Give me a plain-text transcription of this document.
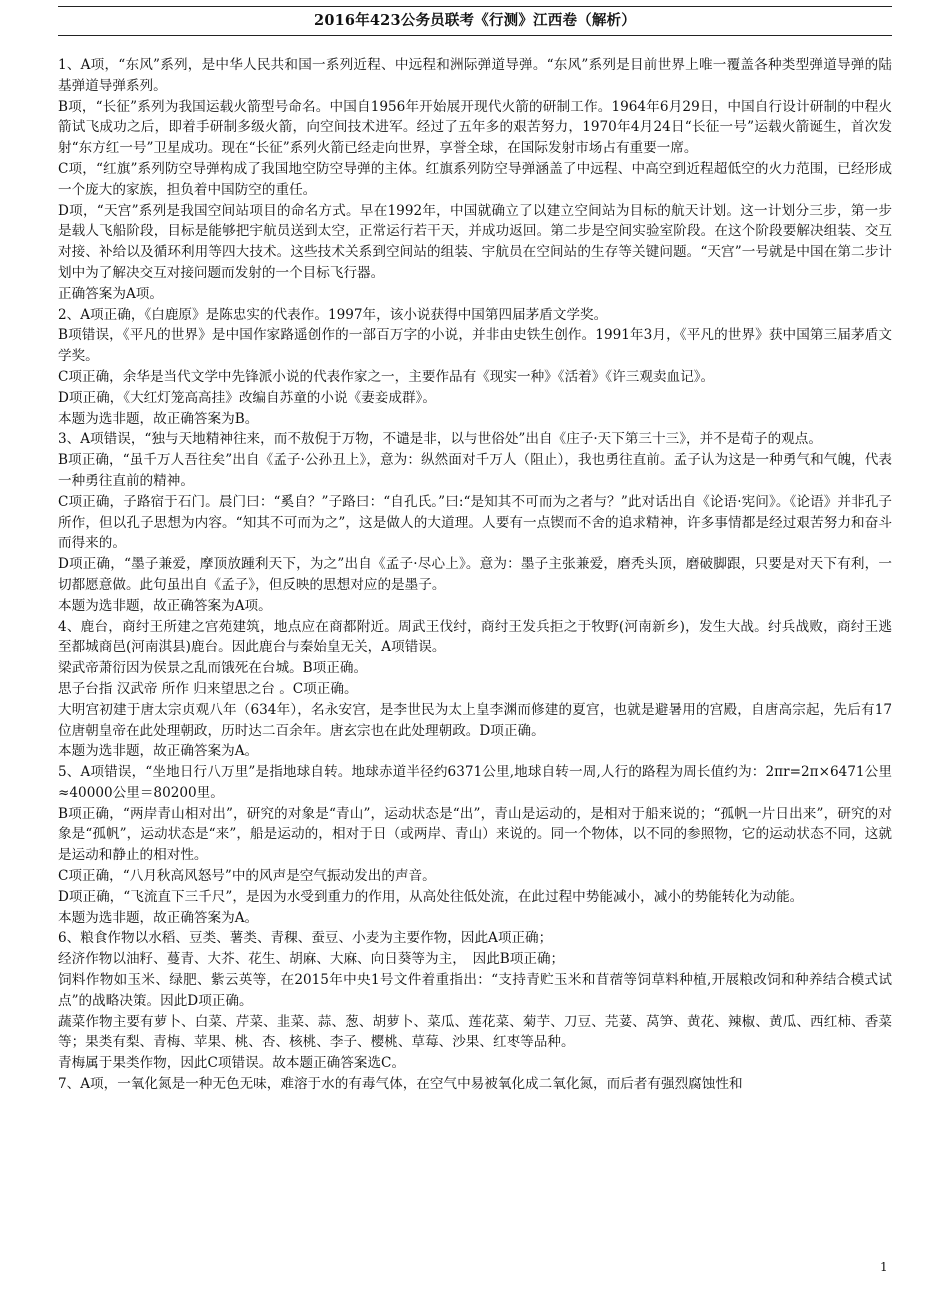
2016年423公务员联考《行测》江西卷（解析）

1、A项，“东风”系列，是中华人民共和国一系列近程、中远程和洲际弹道导弹。“东风”系列是目前世界上唯一覆盖各种类型弹道导弹的陆基弹道导弹系列。

B项，“长征”系列为我国运载火箭型号命名。中国自1956年开始展开现代火箭的研制工作。1964年6月29日，中国自行设计研制的中程火箭试飞成功之后，即着手研制多级火箭，向空间技术进军。经过了五年多的艰苦努力，1970年4月24日“长征一号”运载火箭诞生，首次发射“东方红一号”卫星成功。现在“长征”系列火箭已经走向世界，享誉全球，在国际发射市场占有重要一席。

C项，“红旗”系列防空导弹构成了我国地空防空导弹的主体。红旗系列防空导弹涵盖了中远程、中高空到近程超低空的火力范围，已经形成一个庞大的家族，担负着中国防空的重任。

D项，“天宫”系列是我国空间站项目的命名方式。早在1992年，中国就确立了以建立空间站为目标的航天计划。这一计划分三步，第一步是载人飞船阶段，目标是能够把宇航员送到太空，正常运行若干天，并成功返回。第二步是空间实验室阶段。在这个阶段要解决组装、交互对接、补给以及循环利用等四大技术。这些技术关系到空间站的组装、宇航员在空间站的生存等关键问题。“天宫”一号就是中国在第二步计划中为了解决交互对接问题而发射的一个目标飞行器。

正确答案为A项。

2、A项正确，《白鹿原》是陈忠实的代表作。1997年，该小说获得中国第四届茅盾文学奖。

B项错误，《平凡的世界》是中国作家路遥创作的一部百万字的小说，并非由史铁生创作。1991年3月，《平凡的世界》获中国第三届茅盾文学奖。

C项正确，余华是当代文学中先锋派小说的代表作家之一，主要作品有《现实一种》《活着》《许三观卖血记》。

D项正确，《大红灯笼高高挂》改编自苏童的小说《妻妾成群》。

本题为选非题，故正确答案为B。

3、A项错误，“独与天地精神往来，而不敖倪于万物，不谴是非，以与世俗处”出自《庄子·天下第三十三》，并不是荀子的观点。

B项正确，“虽千万人吾往矣”出自《孟子·公孙丑上》，意为：纵然面对千万人（阻止），我也勇往直前。孟子认为这是一种勇气和气魄，代表一种勇往直前的精神。

C项正确，子路宿于石门。晨门曰：“奚自？”子路曰：“自孔氏。”曰:“是知其不可而为之者与？”此对话出自《论语·宪问》。《论语》并非孔子所作，但以孔子思想为内容。“知其不可而为之”，这是做人的大道理。人要有一点锲而不舍的追求精神，许多事情都是经过艰苦努力和奋斗而得来的。

D项正确，“墨子兼爱，摩顶放踵利天下，为之”出自《孟子·尽心上》。意为：墨子主张兼爱，磨秃头顶，磨破脚跟，只要是对天下有利，一切都愿意做。此句虽出自《孟子》，但反映的思想对应的是墨子。

本题为选非题，故正确答案为A项。

4、鹿台，商纣王所建之宫苑建筑，地点应在商都附近。周武王伐纣，商纣王发兵拒之于牧野(河南新乡)，发生大战。纣兵战败，商纣王逃至都城商邑(河南淇县)鹿台。因此鹿台与秦始皇无关，A项错误。

梁武帝萧衍因为侯景之乱而饿死在台城。B项正确。

思子台指 汉武帝 所作 归来望思之台 。C项正确。

大明宫初建于唐太宗贞观八年（634年），名永安宫，是李世民为太上皇李渊而修建的夏宫，也就是避暑用的宫殿，自唐高宗起，先后有17位唐朝皇帝在此处理朝政，历时达二百余年。唐玄宗也在此处理朝政。D项正确。

本题为选非题，故正确答案为A。

5、A项错误，“坐地日行八万里”是指地球自转。地球赤道半径约6371公里,地球自转一周,人行的路程为周长值约为：2πr=2π×6471公里≈40000公里＝80200里。

B项正确，“两岸青山相对出”，研究的对象是“青山”，运动状态是“出”，青山是运动的，是相对于船来说的；“孤帆一片日出来”，研究的对象是“孤帆”，运动状态是“来”，船是运动的，相对于日（或两岸、青山）来说的。同一个物体，以不同的参照物，它的运动状态不同，这就是运动和静止的相对性。

C项正确，“八月秋高风怒号”中的风声是空气振动发出的声音。

D项正确，“飞流直下三千尺”，是因为水受到重力的作用，从高处往低处流，在此过程中势能减小，减小的势能转化为动能。

本题为选非题，故正确答案为A。

6、粮食作物以水稻、豆类、薯类、青稞、蚕豆、小麦为主要作物，因此A项正确；

经济作物以油籽、蔓青、大芥、花生、胡麻、大麻、向日葵等为主，　因此B项正确；

饲料作物如玉米、绿肥、紫云英等，在2015年中央1号文件着重指出：“支持青贮玉米和苜蓿等饲草料种植,开展粮改饲和种养结合模式试点”的战略决策。因此D项正确。

蔬菜作物主要有萝卜、白菜、芹菜、韭菜、蒜、葱、胡萝卜、菜瓜、莲花菜、菊芋、刀豆、芫荽、莴笋、黄花、辣椒、黄瓜、西红柿、香菜等；果类有梨、青梅、苹果、桃、杏、核桃、李子、樱桃、草莓、沙果、红枣等品种。

青梅属于果类作物，因此C项错误。故本题正确答案选C。

7、A项，一氧化氮是一种无色无味，难溶于水的有毒气体，在空气中易被氧化成二氧化氮，而后者有强烈腐蚀性和

1
